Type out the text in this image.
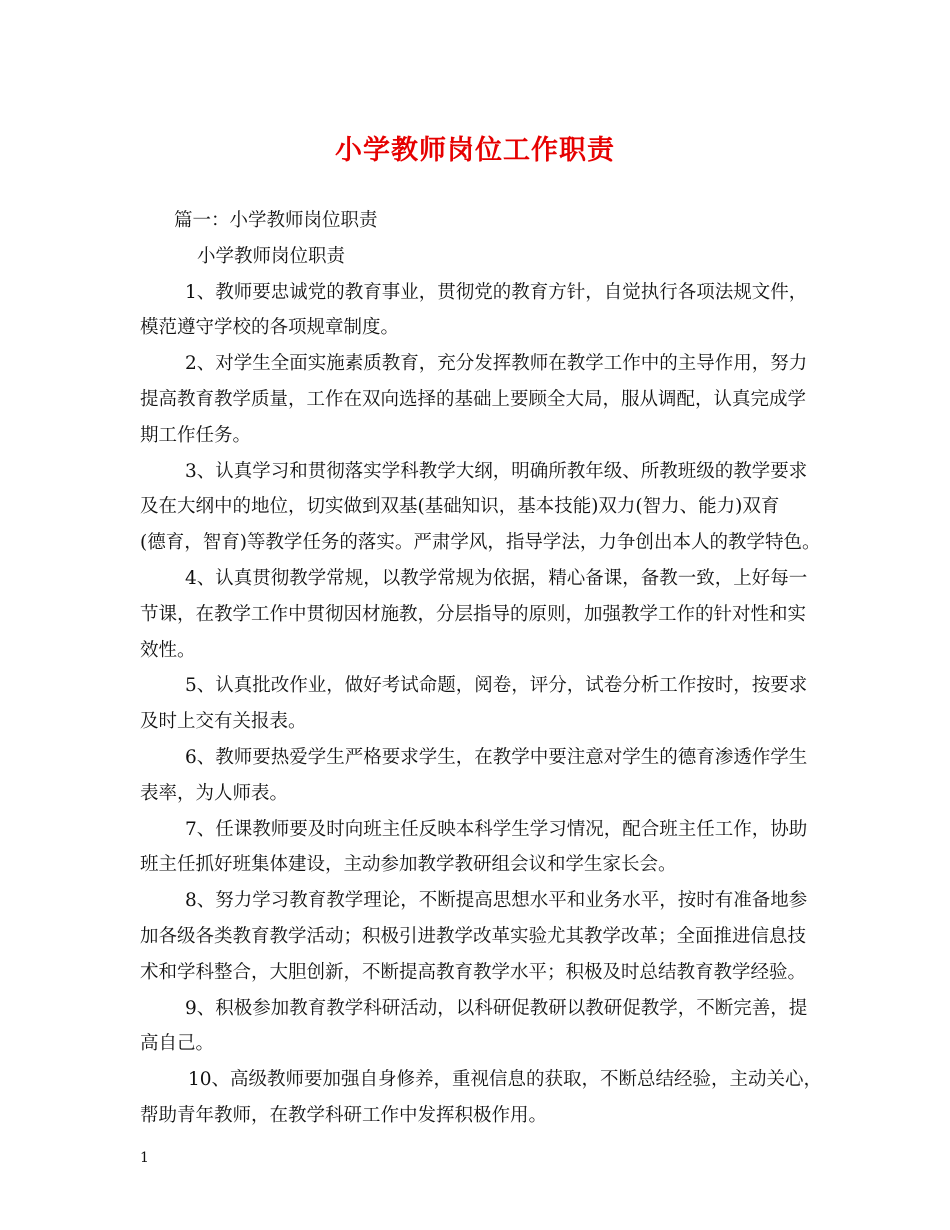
小学教师岗位工作职责
篇一：小学教师岗位职责
小学教师岗位职责
1、教师要忠诚党的教育事业，贯彻党的教育方针，自觉执行各项法规文件，
模范遵守学校的各项规章制度。
2、对学生全面实施素质教育，充分发挥教师在教学工作中的主导作用，努力
提高教育教学质量，工作在双向选择的基础上要顾全大局，服从调配，认真完成学
期工作任务。
3、认真学习和贯彻落实学科教学大纲，明确所教年级、所教班级的教学要求
及在大纲中的地位，切实做到双基(基础知识，基本技能)双力(智力、能力)双育
(德育，智育)等教学任务的落实。严肃学风，指导学法，力争创出本人的教学特色。
4、认真贯彻教学常规，以教学常规为依据，精心备课，备教一致，上好每一
节课，在教学工作中贯彻因材施教，分层指导的原则，加强教学工作的针对性和实
效性。
5、认真批改作业，做好考试命题，阅卷，评分，试卷分析工作按时，按要求
及时上交有关报表。
6、教师要热爱学生严格要求学生，在教学中要注意对学生的德育渗透作学生
表率，为人师表。
7、任课教师要及时向班主任反映本科学生学习情况，配合班主任工作，协助
班主任抓好班集体建设，主动参加教学教研组会议和学生家长会。
8、努力学习教育教学理论，不断提高思想水平和业务水平，按时有准备地参
加各级各类教育教学活动；积极引进教学改革实验尤其教学改革；全面推进信息技
术和学科整合，大胆创新，不断提高教育教学水平；积极及时总结教育教学经验。
9、积极参加教育教学科研活动，以科研促教研以教研促教学，不断完善，提
高自己。
10、高级教师要加强自身修养，重视信息的获取，不断总结经验，主动关心，
帮助青年教师，在教学科研工作中发挥积极作用。
1
